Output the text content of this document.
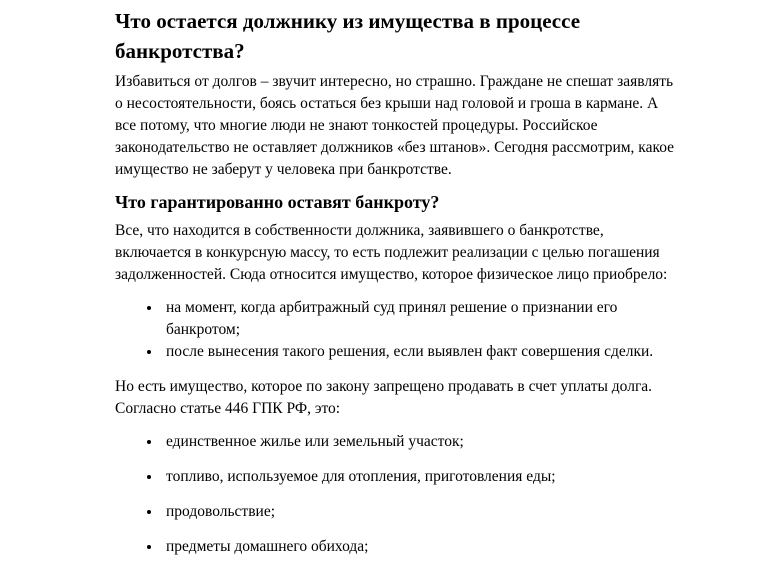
Что остается должнику из имущества в процессе банкротства?

Избавиться от долгов – звучит интересно, но страшно. Граждане не спешат заявлять о несостоятельности, боясь остаться без крыши над головой и гроша в кармане. А все потому, что многие люди не знают тонкостей процедуры. Российское законодательство не оставляет должников «без штанов». Сегодня рассмотрим, какое имущество не заберут у человека при банкротстве.

Что гарантированно оставят банкроту?

Все, что находится в собственности должника, заявившего о банкротстве, включается в конкурсную массу, то есть подлежит реализации с целью погашения задолженностей. Сюда относится имущество, которое физическое лицо приобрело:

• на момент, когда арбитражный суд принял решение о признании его банкротом;
• после вынесения такого решения, если выявлен факт совершения сделки.

Но есть имущество, которое по закону запрещено продавать в счет уплаты долга. Согласно статье 446 ГПК РФ, это:

• единственное жилье или земельный участок;
• топливо, используемое для отопления, приготовления еды;
• продовольствие;
• предметы домашнего обихода;
